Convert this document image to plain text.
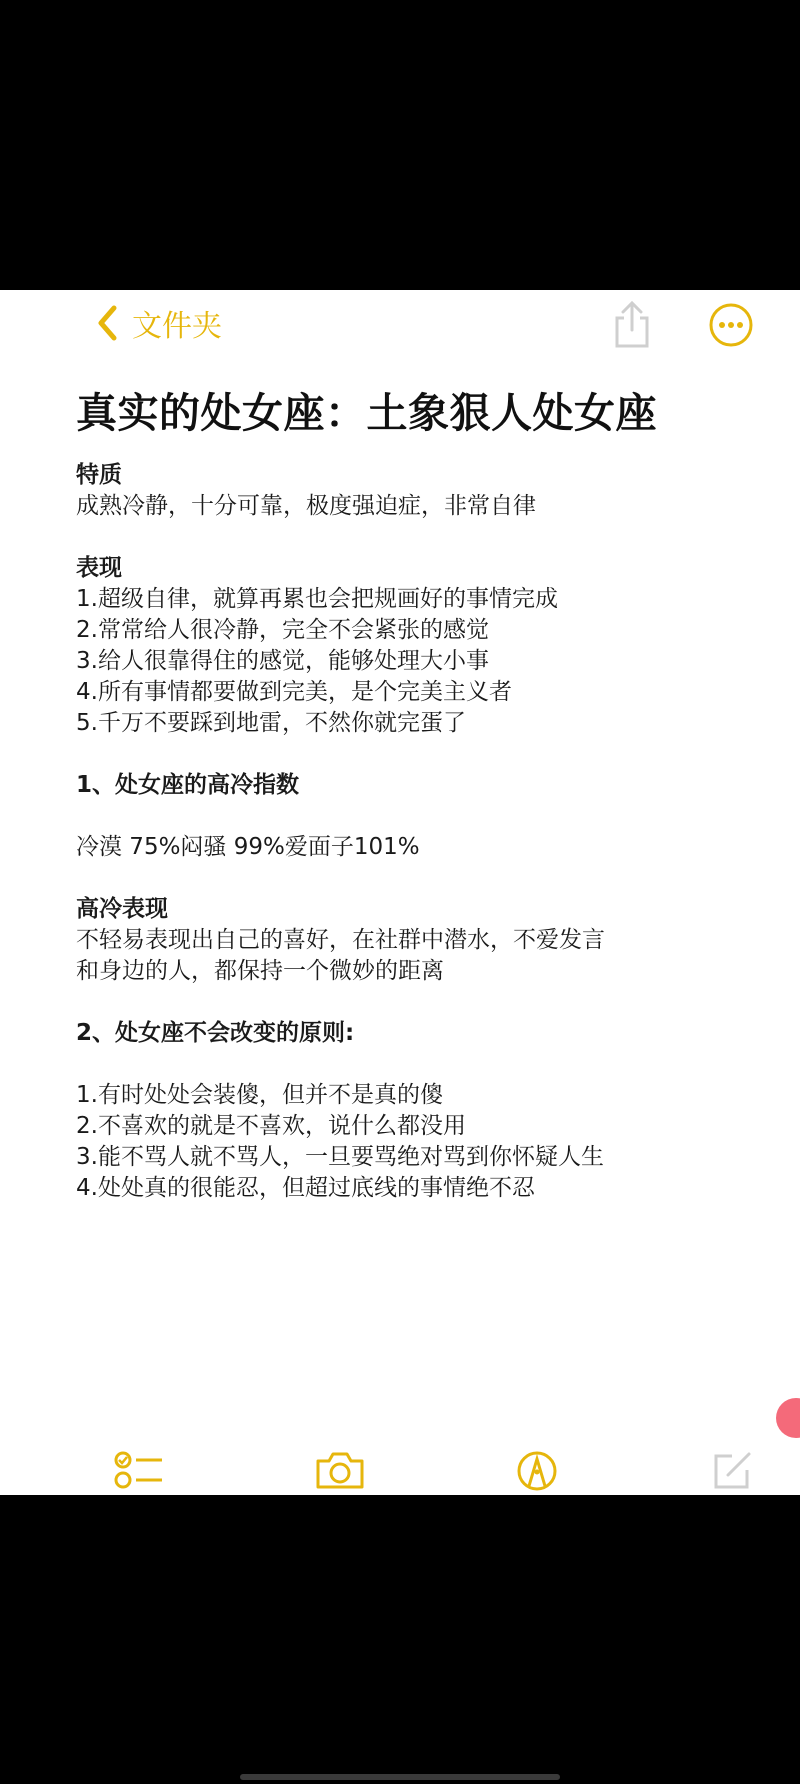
文件夹
真实的处女座：土象狠人处女座
特质
成熟冷静，十分可靠，极度强迫症，非常自律
表现
1.超级自律，就算再累也会把规画好的事情完成
2.常常给人很冷静，完全不会紧张的感觉
3.给人很靠得住的感觉，能够处理大小事
4.所有事情都要做到完美，是个完美主义者
5.千万不要踩到地雷，不然你就完蛋了
1、处女座的高冷指数
冷漠 75%闷骚 99%爱面子101%
高冷表现
不轻易表现出自己的喜好，在社群中潜水，不爱发言
和身边的人，都保持一个微妙的距离
2、处女座不会改变的原则:
1.有时处处会装傻，但并不是真的傻
2.不喜欢的就是不喜欢，说什么都没用
3.能不骂人就不骂人，一旦要骂绝对骂到你怀疑人生
4.处处真的很能忍，但超过底线的事情绝不忍
